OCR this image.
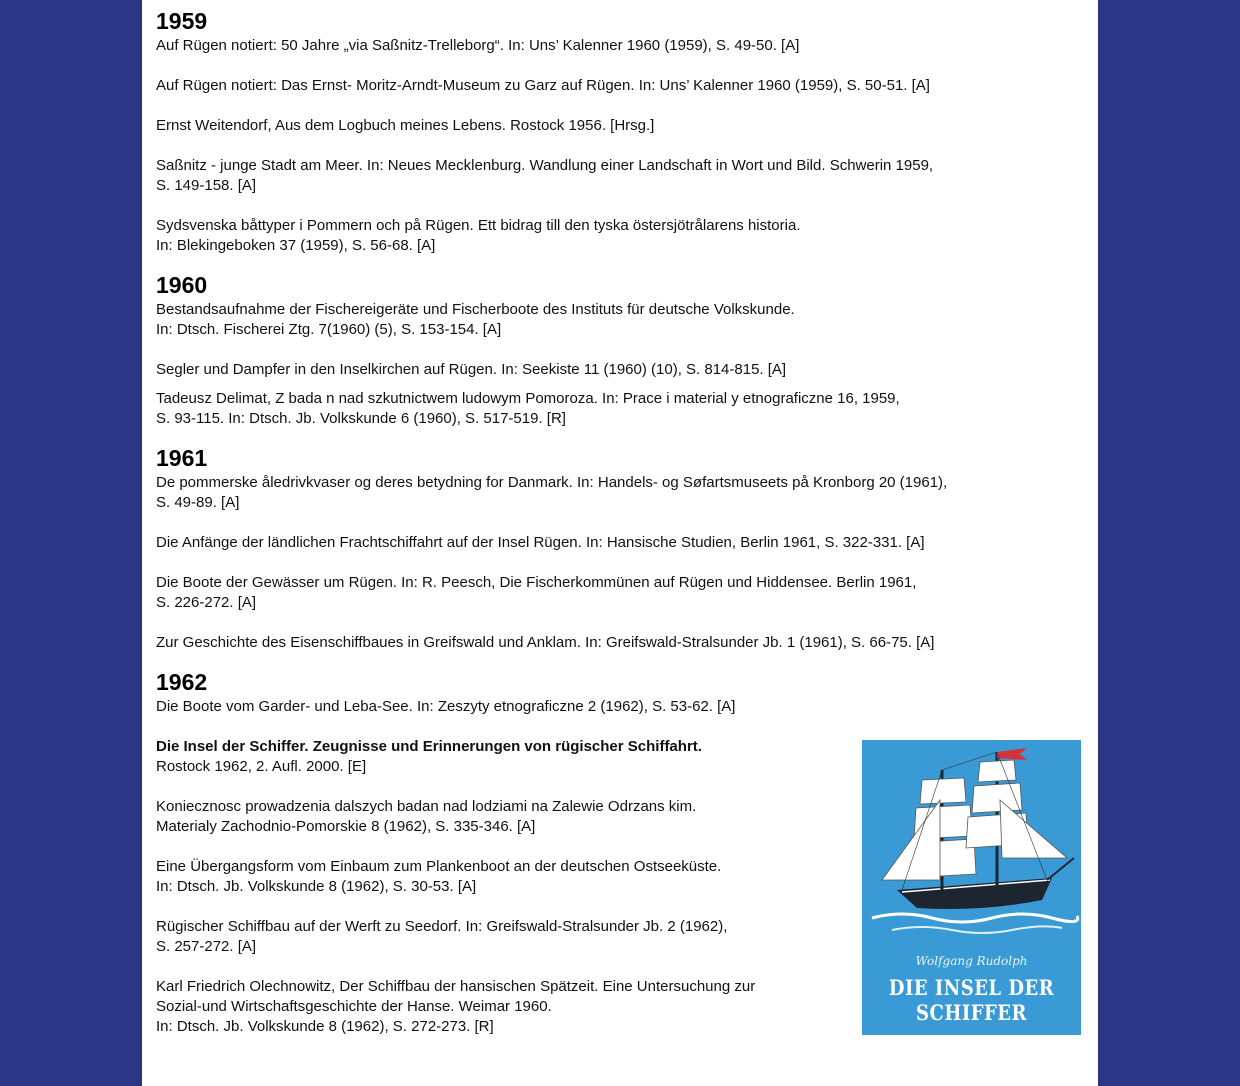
1959

Auf Rügen notiert: 50 Jahre „via Saßnitz-Trelleborg“. In: Uns’ Kalenner 1960 (1959), S. 49-50. [A]

Auf Rügen notiert: Das Ernst- Moritz-Arndt-Museum zu Garz auf Rügen. In: Uns’ Kalenner 1960 (1959), S. 50-51. [A]

Ernst Weitendorf, Aus dem Logbuch meines Lebens. Rostock 1956. [Hrsg.]

Saßnitz - junge Stadt am Meer. In: Neues Mecklenburg. Wandlung einer Landschaft in Wort und Bild. Schwerin 1959,
S. 149-158. [A]

Sydsvenska båttyper i Pommern och på Rügen. Ett bidrag till den tyska östersjötrålarens historia.
In: Blekingeboken 37 (1959), S. 56-68. [A]

1960

Bestandsaufnahme der Fischereigeräte und Fischerboote des Instituts für deutsche Volkskunde.
In: Dtsch. Fischerei Ztg. 7(1960) (5), S. 153-154. [A]

Segler und Dampfer in den Inselkirchen auf Rügen. In: Seekiste 11 (1960) (10), S. 814-815. [A]

Tadeusz Delimat, Z bada n nad szkutnictwem ludowym Pomoroza. In: Prace i material y etnograficzne 16, 1959,
S. 93-115. In: Dtsch. Jb. Volkskunde 6 (1960), S. 517-519. [R]

1961

De pommerske åledrivkvaser og deres betydning for Danmark. In: Handels- og Søfartsmuseets på Kronborg 20 (1961),
S. 49-89. [A]

Die Anfänge der ländlichen Frachtschiffahrt auf der Insel Rügen. In: Hansische Studien, Berlin 1961, S. 322-331. [A]

Die Boote der Gewässer um Rügen. In: R. Peesch, Die Fischerkommünen auf Rügen und Hiddensee. Berlin 1961,
S. 226-272. [A]

Zur Geschichte des Eisenschiffbaues in Greifswald und Anklam. In: Greifswald-Stralsunder Jb. 1 (1961), S. 66-75. [A]

1962

Die Boote vom Garder- und Leba-See. In: Zeszyty etnograficzne 2 (1962), S. 53-62. [A]

Die Insel der Schiffer. Zeugnisse und Erinnerungen von rügischer Schiffahrt.
Rostock 1962, 2. Aufl. 2000. [E]

Koniecznosc prowadzenia dalszych badan nad lodziami na Zalewie Odrzans kim.
Materialy Zachodnio-Pomorskie 8 (1962), S. 335-346. [A]

Eine Übergangsform vom Einbaum zum Plankenboot an der deutschen Ostseeküste.
In: Dtsch. Jb. Volkskunde 8 (1962), S. 30-53. [A]

Rügischer Schiffbau auf der Werft zu Seedorf. In: Greifswald-Stralsunder Jb. 2 (1962),
S. 257-272. [A]

Karl Friedrich Olechnowitz, Der Schiffbau der hansischen Spätzeit. Eine Untersuchung zur
Sozial-und Wirtschaftsgeschichte der Hanse. Weimar 1960.
In: Dtsch. Jb. Volkskunde 8 (1962), S. 272-273. [R]

Wolfgang Rudolph
DIE INSEL DER SCHIFFER
